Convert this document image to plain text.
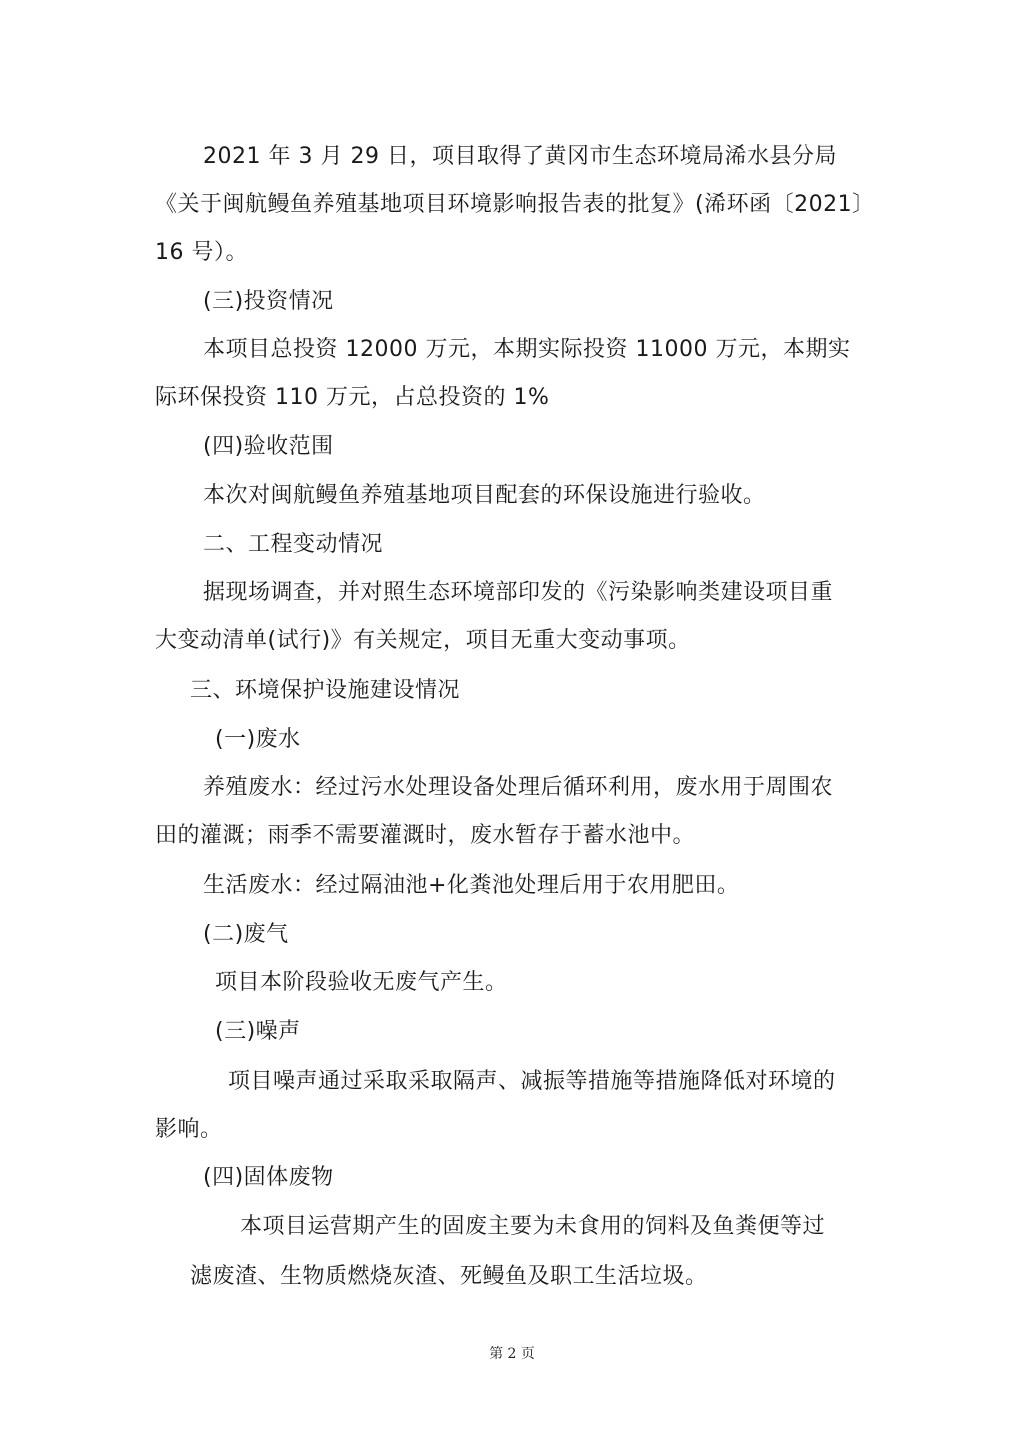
2021 年 3 月 29 日，项目取得了黄冈市生态环境局浠水县分局
《关于闽航鳗鱼养殖基地项目环境影响报告表的批复》(浠环函〔2021〕
16 号）。
(三)投资情况
本项目总投资 12000 万元，本期实际投资 11000 万元，本期实
际环保投资 110 万元，占总投资的 1%
(四)验收范围
本次对闽航鳗鱼养殖基地项目配套的环保设施进行验收。
二、工程变动情况
据现场调查，并对照生态环境部印发的《污染影响类建设项目重
大变动清单(试行)》有关规定，项目无重大变动事项。
三、环境保护设施建设情况
(一)废水
养殖废水：经过污水处理设备处理后循环利用，废水用于周围农
田的灌溉；雨季不需要灌溉时，废水暂存于蓄水池中。
生活废水：经过隔油池+化粪池处理后用于农用肥田。
(二)废气
项目本阶段验收无废气产生。
(三)噪声
项目噪声通过采取采取隔声、减振等措施等措施降低对环境的
影响。
(四)固体废物
本项目运营期产生的固废主要为未食用的饲料及鱼粪便等过
滤废渣、生物质燃烧灰渣、死鳗鱼及职工生活垃圾。
第 2 页
